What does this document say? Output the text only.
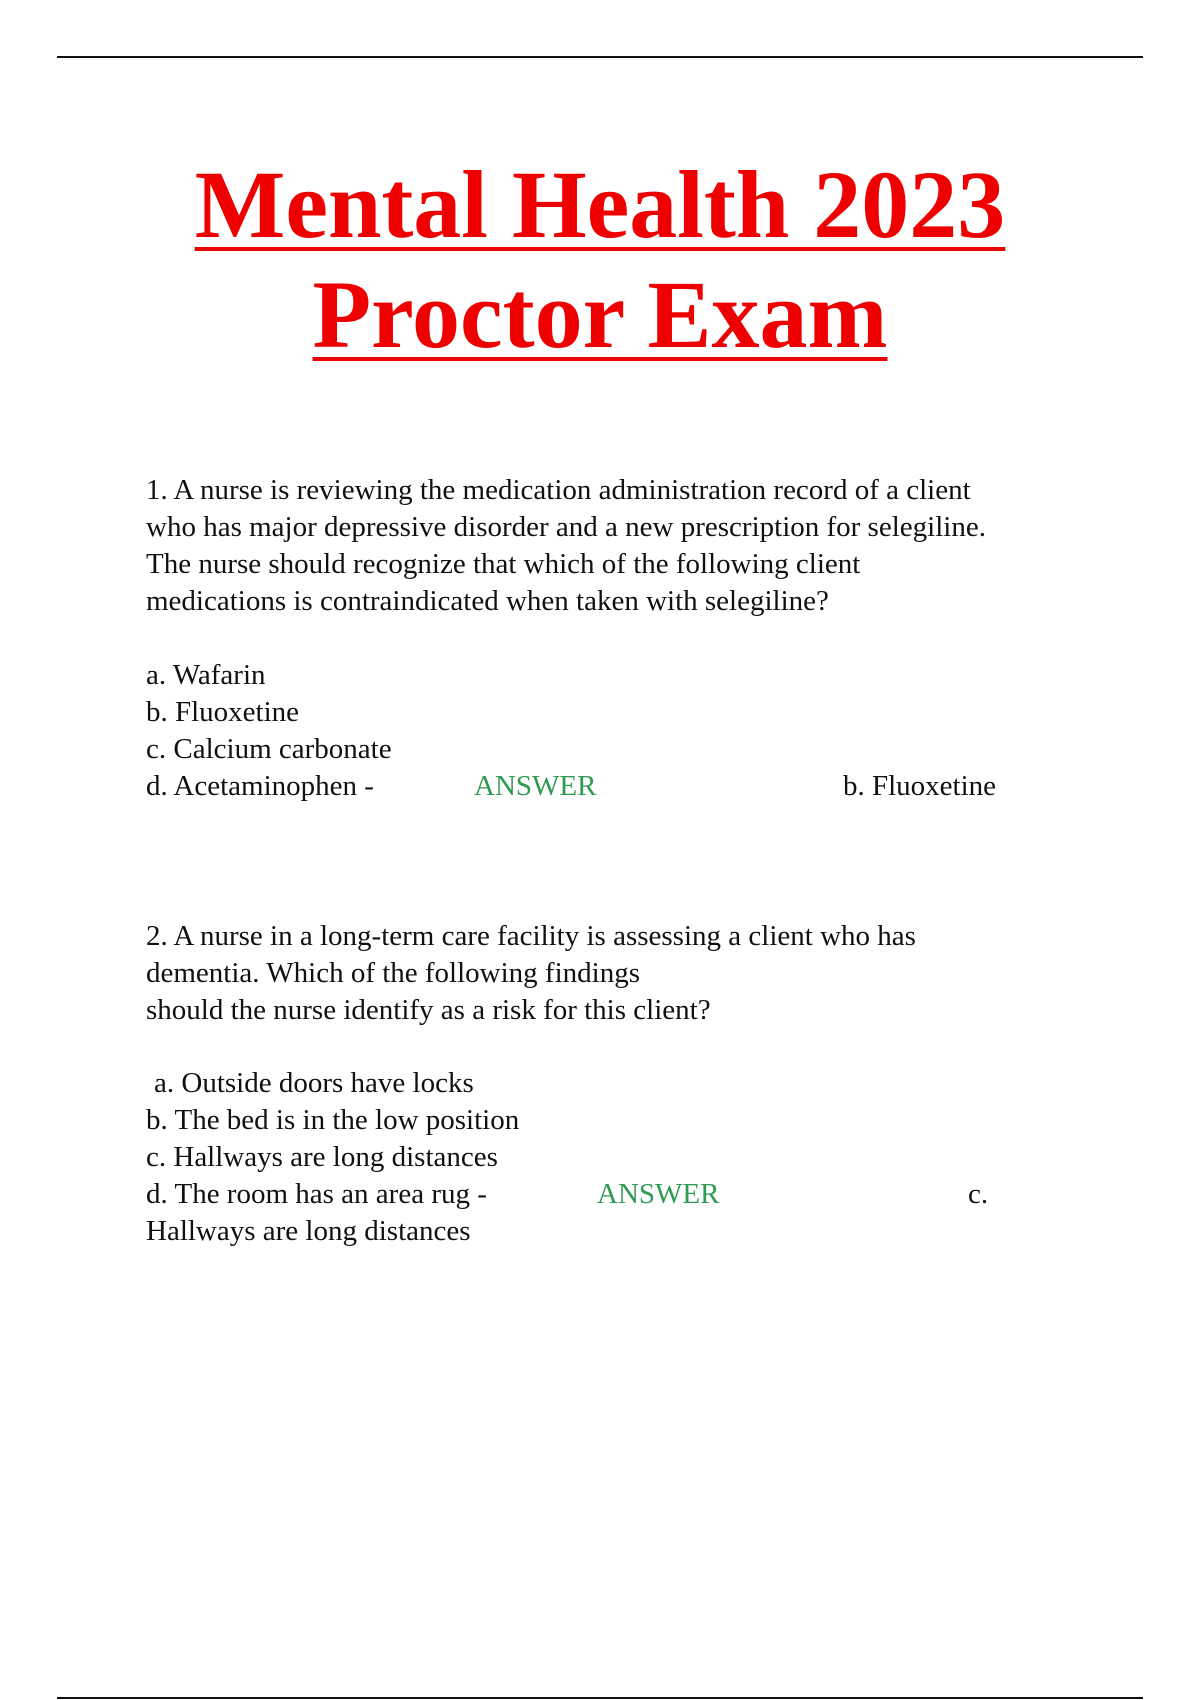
Mental Health 2023
Proctor Exam

1. A nurse is reviewing the medication administration record of a client
who has major depressive disorder and a new prescription for selegiline.
The nurse should recognize that which of the following client
medications is contraindicated when taken with selegiline?

a. Wafarin
b. Fluoxetine
c. Calcium carbonate
d. Acetaminophen -	ANSWER	b. Fluoxetine

2. A nurse in a long-term care facility is assessing a client who has
dementia. Which of the following findings
should the nurse identify as a risk for this client?

a. Outside doors have locks
b. The bed is in the low position
c. Hallways are long distances
d. The room has an area rug -	ANSWER	c.

Hallways are long distances
